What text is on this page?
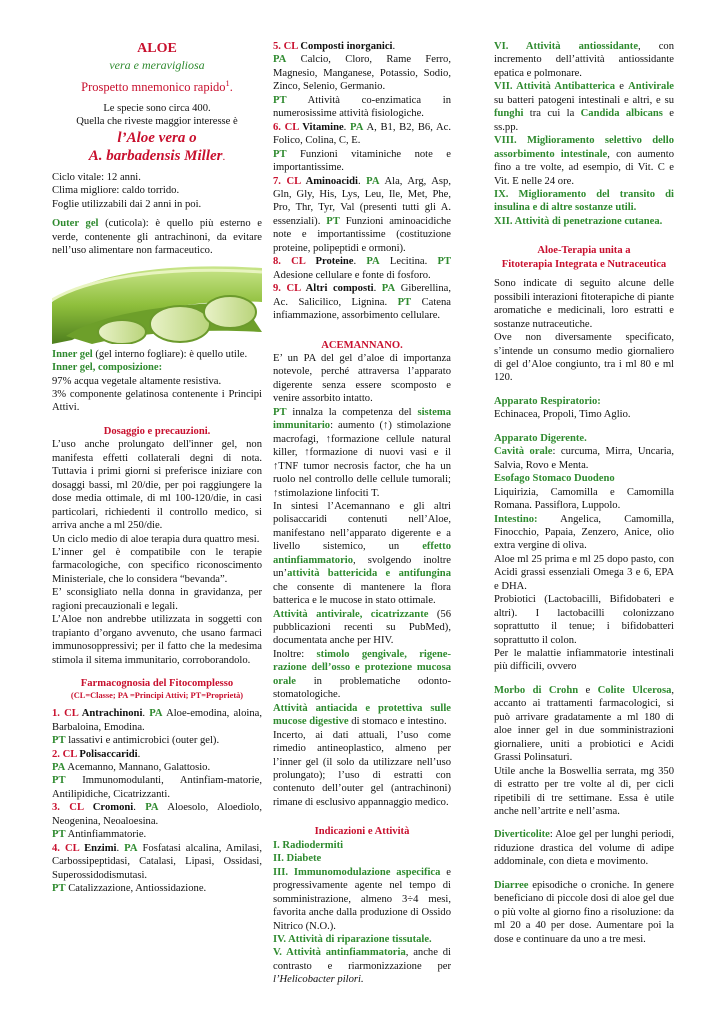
ALOE

vera e meravigliosa

Prospetto mnemonico rapido$^1$.

Le specie sono circa 400.

Quella che riveste maggior interesse è

l’Aloe vera o

A. barbadensis Miller.

Ciclo vitale: 12 anni.

Clima migliore: caldo torrido.

Foglie utilizzabili dai 2 anni in poi.

Outer gel (cuticola): è quello più esterno e verde, contenente gli antrachinoni, da evitare nell’uso alimentare non farmaceutico.

Inner gel (gel interno fogliare): è quello utile.

Inner gel, composizione:

97% acqua vegetale altamente resistiva.

3% componente gelatinosa contenente i Principi Attivi.

Dosaggio e precauzioni.

L’uso anche prolungato dell'inner gel, non manifesta effetti collaterali degni di nota. Tuttavia i primi giorni si preferisce iniziare con dosaggi bassi, ml 20/die, per poi raggiungere la dose media ottimale, di ml 100-120/die, in casi particolari, richiedenti il controllo medico, si arriva anche a ml 250/die.

Un ciclo medio di aloe terapia dura quattro mesi.

L’inner gel è compatibile con le terapie farmacologiche, con specifico riconoscimento Ministeriale, che lo considera “bevanda”.

E’ sconsigliato nella donna in gravidanza, per ragioni precauzionali e legali.

L’Aloe non andrebbe utilizzata in soggetti con trapianto d’organo avvenuto, che usano farmaci immunosoppressivi; per il fatto che la medesima stimola il sitema immunitario, corroborandolo.

Farmacognosia del Fitocomplesso

(CL=Classe; PA =Principi Attivi; PT=Proprietà)

1. CL Antrachinoni. PA Aloe-emodina, aloina, Barbaloina, Emodina.
PT lassativi e antimicrobici (outer gel).

2. CL Polisaccaridi.
PA Acemanno, Mannano, Galattosio.
PT Immunomodulanti, Antinfiam-matorie, Antilipidiche, Cicatrizzanti.

3. CL Cromoni. PA Aloesolo, Aloediolo, Neogenina, Neoaloesina.
PT Antinfiammatorie.

4. CL Enzimi. PA Fosfatasi alcalina, Amilasi, Carbossipeptidasi, Catalasi, Lipasi, Ossidasi, Superossidodismutasi.
PT Catalizzazione, Antiossidazione.

5. CL Composti inorganici.
PA Calcio, Cloro, Rame Ferro, Magnesio, Manganese, Potassio, Sodio, Zinco, Selenio, Germanio.
PT Attività co-enzimatica in numerosissime attività fisiologiche.

6. CL Vitamine. PA A, B1, B2, B6, Ac. Folico, Colina, C, E.
PT Funzioni vitaminiche note e importantissime.

7. CL Aminoacidi. PA Ala, Arg, Asp, Gln, Gly, His, Lys, Leu, Ile, Met, Phe, Pro, Thr, Tyr, Val (presenti tutti gli A. essenziali). PT Funzioni aminoacidiche note e importantissime (costituzione proteine, polipeptidi e ormoni).

8. CL Proteine. PA Lecitina. PT Adesione cellulare e fonte di fosforo.

9. CL Altri composti. PA Giberellina, Ac. Salicilico, Lignina. PT Catena infiammazione, assorbimento cellulare.

ACEMANNANO.

E’ un PA del gel d’aloe di importanza notevole, perché attraversa l’apparato digerente senza essere scomposto e venire assorbito intatto.

PT innalza la competenza del sistema immunitario: aumento (↑) stimolazione macrofagi, ↑formazione cellule natural killer, ↑formazione di nuovi vasi e il ↑TNF tumor necrosis factor, che ha un ruolo nel controllo delle cellule tumorali; ↑stimolazione linfociti T.

In sintesi l’Acemannano e gli altri polisaccaridi contenuti nell’Aloe, manifestano nell’apparato digerente e a livello sistemico, un effetto antinfiammatorio, svolgendo inoltre un’attività battericida e antifungina che consente di mantenere la flora batterica e le mucose in stato ottimale.

Attività antivirale, cicatrizzante (56 pubblicazioni recenti su PubMed), documentata anche per HIV.

Inoltre: stimolo gengivale, rigene-razione dell’osso e protezione mucosa orale in problematiche odonto-stomatologiche.

Attività antiacida e protettiva sulle mucose digestive di stomaco e intestino.

Incerto, ai dati attuali, l’uso come rimedio antineoplastico, almeno per l’inner gel (il solo da utilizzare nell’uso prolungato); l’uso di estratti con contenuto dell’outer gel (antrachinoni) rimane di esclusivo appannaggio medico.

Indicazioni e Attività

I. Radiodermiti

II. Diabete

III. Immunomodulazione aspecifica e progressivamente agente nel tempo di somministrazione, almeno 3÷4 mesi, favorita anche dalla produzione di Ossido Nitrico (N.O.).

IV. Attività di riparazione tissutale.

V. Attività antinfiammatoria, anche di contrasto e riarmonizzazione per l’Helicobacter pilori.

VI. Attività antiossidante, con incremento dell’attività antiossidante epatica e polmonare.

VII. Attività Antibatterica e Antivirale su batteri patogeni intestinali e altri, e su funghi tra cui la Candida albicans e ss.pp.

VIII. Miglioramento selettivo dello assorbimento intestinale, con aumento fino a tre volte, ad esempio, di Vit. C e Vit. E nelle 24 ore.

IX. Miglioramento del transito di insulina e di altre sostanze utili.

XII. Attività di penetrazione cutanea.

Aloe-Terapia unita a

Fitoterapia Integrata e Nutraceutica

Sono indicate di seguito alcune delle possibili interazioni fitoterapiche di piante aromatiche e medicinali, loro estratti e sostanze nutraceutiche.

Ove non diversamente specificato, s’intende un consumo medio giornaliero di gel d’Aloe congiunto, tra i ml 80 e ml 120.

Apparato Respiratorio:

Echinacea, Propoli, Timo Aglio.

Apparato Digerente.

Cavità orale: curcuma, Mirra, Uncaria, Salvia, Rovo e Menta.

Esofago Stomaco Duodeno

Liquirizia, Camomilla e Camomilla Romana. Passiflora, Luppolo.

Intestino: Angelica, Camomilla, Finocchio, Papaia, Zenzero, Anice, olio extra vergine di oliva.

Aloe ml 25 prima e ml 25 dopo pasto, con Acidi grassi essenziali Omega 3 e 6, EPA e DHA.

Probiotici (Lactobacilli, Bifidobateri e altri). I lactobacilli colonizzano soprattutto il tenue; i bifidobatteri soprattutto il colon.

Per le malattie infiammatorie intestinali più difficili, ovvero

Morbo di Crohn e Colite Ulcerosa, accanto ai trattamenti farmacologici, si può arrivare gradatamente a ml 180 di aloe inner gel in due somministrazioni giornaliere, uniti a probiotici e Acidi Grassi Polinsaturi.

Utile anche la Boswellia serrata, mg 350 di estratto per tre volte al dì, per cicli ripetibili di tre settimane. Essa è utile anche nell’artrite e nell’asma.

Diverticolite: Aloe gel per lunghi periodi, riduzione drastica del volume di adipe addominale, con dieta e movimento.

Diarree episodiche o croniche. In genere beneficiano di piccole dosi di aloe gel due o più volte al giorno fino a risoluzione: da ml 20 a 40 per dose. Aumentare poi la dose e continuare da uno a tre mesi.
